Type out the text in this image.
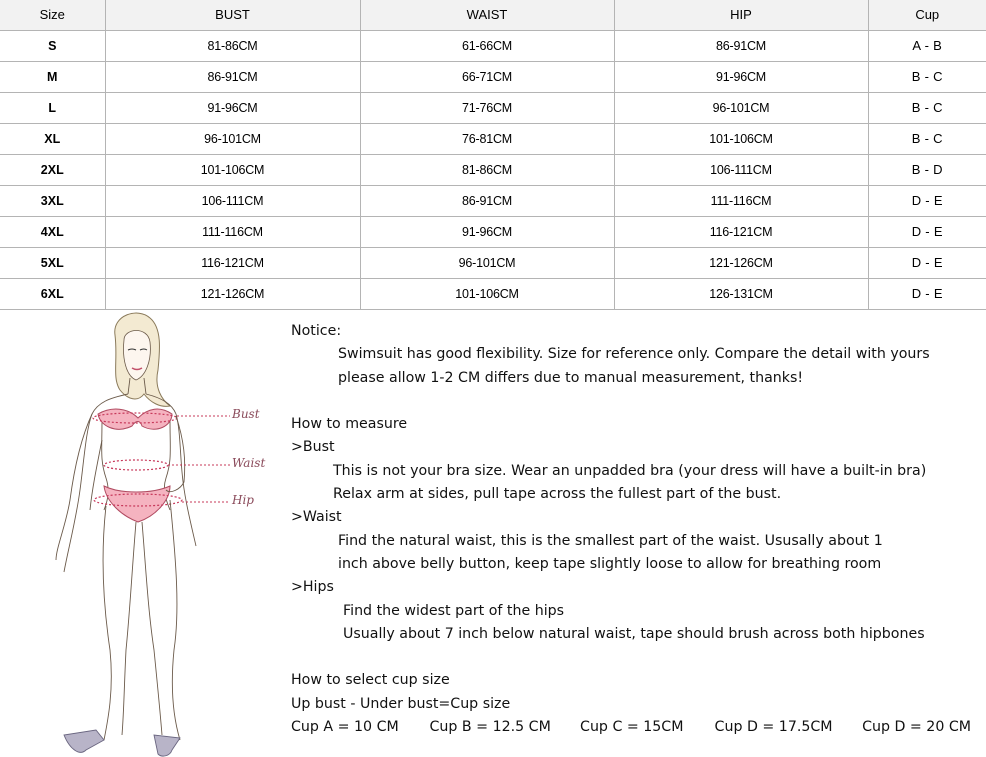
Size	BUST	WAIST	HIP	Cup
S	81-86CM	61-66CM	86-91CM	A - B
M	86-91CM	66-71CM	91-96CM	B - C
L	91-96CM	71-76CM	96-101CM	B - C
XL	96-101CM	76-81CM	101-106CM	B - C
2XL	101-106CM	81-86CM	106-111CM	B - D
3XL	106-111CM	86-91CM	111-116CM	D - E
4XL	111-116CM	91-96CM	116-121CM	D - E
5XL	116-121CM	96-101CM	121-126CM	D - E
6XL	121-126CM	101-106CM	126-131CM	D - E
Bust
Waist
Hip
Notice:
Swimsuit has good flexibility. Size for reference only. Compare the detail with yours
please allow 1-2 CM differs due to manual measurement, thanks!
How to measure
>Bust
This is not your bra size. Wear an unpadded bra (your dress will have a built-in bra)
Relax arm at sides, pull tape across the fullest part of the bust.
>Waist
Find the natural waist, this is the smallest part of the waist. Ususally about 1
inch above belly button, keep tape slightly loose to allow for breathing room
>Hips
Find the widest part of the hips
Usually about 7 inch below natural waist, tape should brush across both hipbones
How to select cup size
Up bust - Under bust=Cup size
Cup A = 10 CM Cup B = 12.5 CM Cup C = 15CM Cup D = 17.5CM Cup D = 20 CM
